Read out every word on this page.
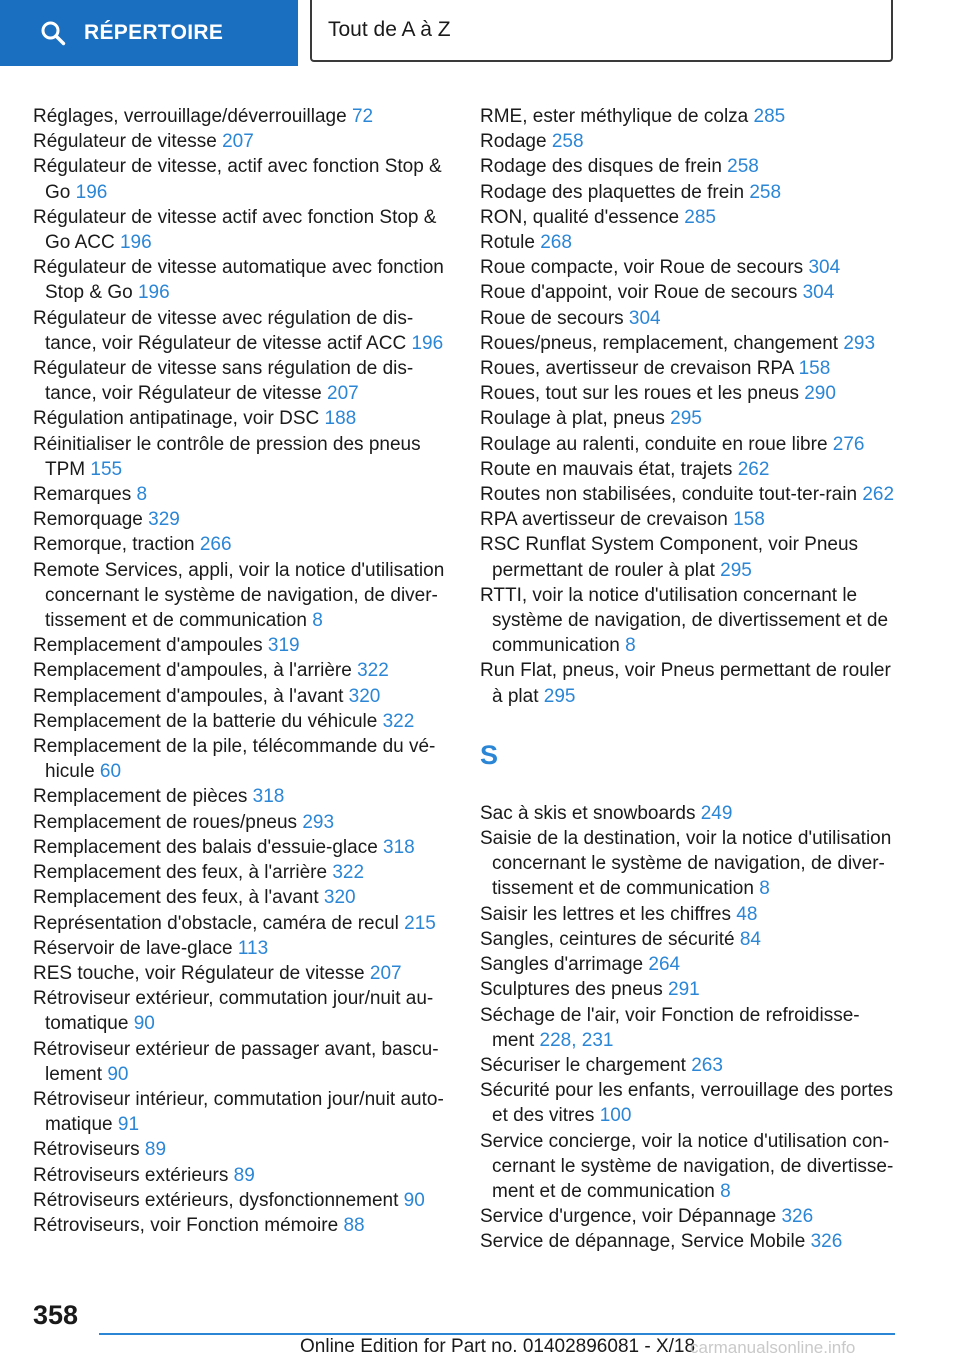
RÉPERTOIRE	Tout de A à Z

Réglages, verrouillage/déverrouillage 72

Régulateur de vitesse 207

Régulateur de vitesse, actif avec fonction Stop & Go 196

Régulateur de vitesse actif avec fonction Stop & Go ACC 196

Régulateur de vitesse automatique avec fonction Stop & Go 196

Régulateur de vitesse avec régulation de dis-tance, voir Régulateur de vitesse actif ACC 196

Régulateur de vitesse sans régulation de dis-tance, voir Régulateur de vitesse 207

Régulation antipatinage, voir DSC 188

Réinitialiser le contrôle de pression des pneus TPM 155

Remarques 8

Remorquage 329

Remorque, traction 266

Remote Services, appli, voir la notice d'utilisation concernant le système de navigation, de diver-tissement et de communication 8

Remplacement d'ampoules 319

Remplacement d'ampoules, à l'arrière 322

Remplacement d'ampoules, à l'avant 320

Remplacement de la batterie du véhicule 322

Remplacement de la pile, télécommande du vé-hicule 60

Remplacement de pièces 318

Remplacement de roues/pneus 293

Remplacement des balais d'essuie-glace 318

Remplacement des feux, à l'arrière 322

Remplacement des feux, à l'avant 320

Représentation d'obstacle, caméra de recul 215

Réservoir de lave-glace 113

RES touche, voir Régulateur de vitesse 207

Rétroviseur extérieur, commutation jour/nuit au-tomatique 90

Rétroviseur extérieur de passager avant, bascu-lement 90

Rétroviseur intérieur, commutation jour/nuit auto-matique 91

Rétroviseurs 89

Rétroviseurs extérieurs 89

Rétroviseurs extérieurs, dysfonctionnement 90

Rétroviseurs, voir Fonction mémoire 88

RME, ester méthylique de colza 285

Rodage 258

Rodage des disques de frein 258

Rodage des plaquettes de frein 258

RON, qualité d'essence 285

Rotule 268

Roue compacte, voir Roue de secours 304

Roue d'appoint, voir Roue de secours 304

Roue de secours 304

Roues/pneus, remplacement, changement 293

Roues, avertisseur de crevaison RPA 158

Roues, tout sur les roues et les pneus 290

Roulage à plat, pneus 295

Roulage au ralenti, conduite en roue libre 276

Route en mauvais état, trajets 262

Routes non stabilisées, conduite tout-ter-rain 262

RPA avertisseur de crevaison 158

RSC Runflat System Component, voir Pneus permettant de rouler à plat 295

RTTI, voir la notice d'utilisation concernant le système de navigation, de divertissement et de communication 8

Run Flat, pneus, voir Pneus permettant de rouler à plat 295

S

Sac à skis et snowboards 249

Saisie de la destination, voir la notice d'utilisation concernant le système de navigation, de diver-tissement et de communication 8

Saisir les lettres et les chiffres 48

Sangles, ceintures de sécurité 84

Sangles d'arrimage 264

Sculptures des pneus 291

Séchage de l'air, voir Fonction de refroidisse-ment 228, 231

Sécuriser le chargement 263

Sécurité pour les enfants, verrouillage des portes et des vitres 100

Service concierge, voir la notice d'utilisation con-cernant le système de navigation, de divertisse-ment et de communication 8

Service d'urgence, voir Dépannage 326

Service de dépannage, Service Mobile 326

358
Online Edition for Part no. 01402896081 - X/18
carmanualsonline.info
